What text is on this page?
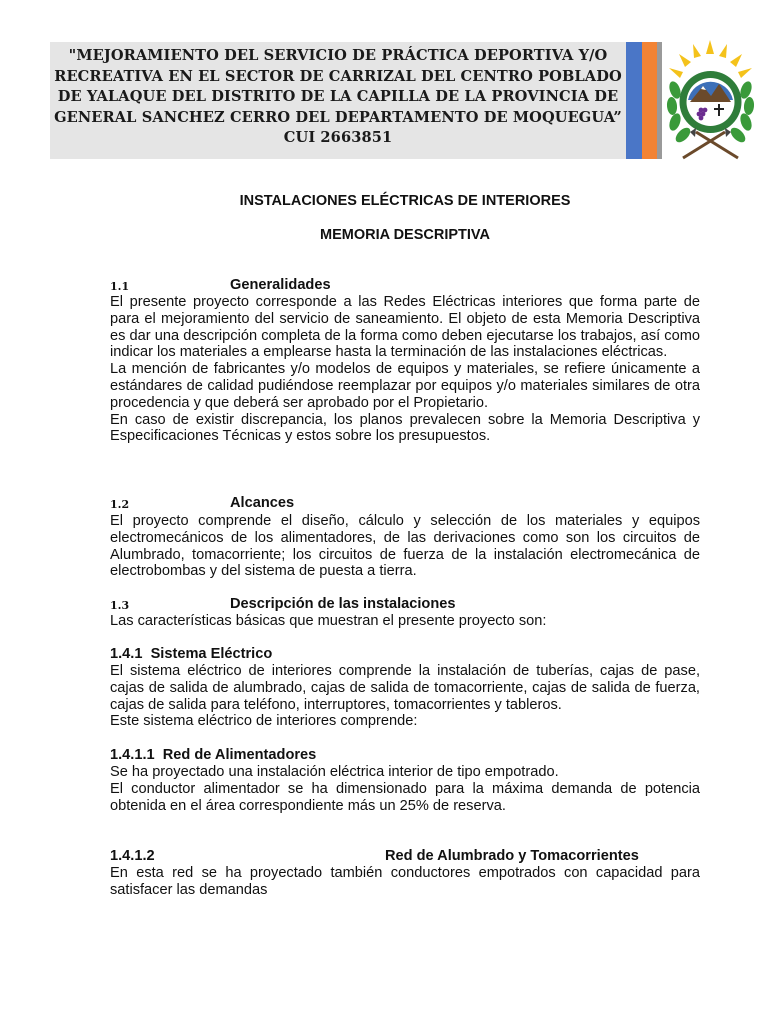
"MEJORAMIENTO DEL SERVICIO DE PRÁCTICA DEPORTIVA Y/O
RECREATIVA EN EL SECTOR DE CARRIZAL DEL CENTRO POBLADO
DE YALAQUE DEL DISTRITO DE LA CAPILLA DE LA PROVINCIA DE
GENERAL SANCHEZ CERRO DEL DEPARTAMENTO DE MOQUEGUA”
CUI 2663851
INSTALACIONES ELÉCTRICAS DE INTERIORES
MEMORIA DESCRIPTIVA
1.1	Generalidades

El presente proyecto corresponde a las Redes Eléctricas interiores que forma parte de para el mejoramiento del servicio de saneamiento. El objeto de esta Memoria Descriptiva es dar una descripción completa de la forma como deben ejecutarse los trabajos, así como indicar los materiales a emplearse hasta la terminación de las instalaciones eléctricas.

La mención de fabricantes y/o modelos de equipos y materiales, se refiere únicamente a estándares de calidad pudiéndose reemplazar por equipos y/o materiales similares de otra procedencia y que deberá ser aprobado por el Propietario.

En caso de existir discrepancia, los planos prevalecen sobre la Memoria Descriptiva y Especificaciones Técnicas y estos sobre los presupuestos.

1.2	Alcances

El proyecto comprende el diseño, cálculo y selección de los materiales y equipos electromecánicos de los alimentadores, de las derivaciones como son los circuitos de Alumbrado, tomacorriente; los circuitos de fuerza de la instalación electromecánica de electrobombas y del sistema de puesta a tierra.

1.3	Descripción de las instalaciones

Las características básicas que muestran el presente proyecto son:

1.4.1  Sistema Eléctrico

El sistema eléctrico de interiores comprende la instalación de tuberías, cajas de pase, cajas de salida de alumbrado, cajas de salida de tomacorriente, cajas de salida de fuerza, cajas de salida para teléfono, interruptores, tomacorrientes y tableros.

Este sistema eléctrico de interiores comprende:

1.4.1.1  Red de Alimentadores

Se ha proyectado una instalación eléctrica interior de tipo empotrado.

El conductor alimentador se ha dimensionado para la máxima demanda de potencia obtenida en el área correspondiente más un 25% de reserva.

1.4.1.2	Red de Alumbrado y Tomacorrientes

En esta red se ha proyectado también conductores empotrados con capacidad para satisfacer las demandas
